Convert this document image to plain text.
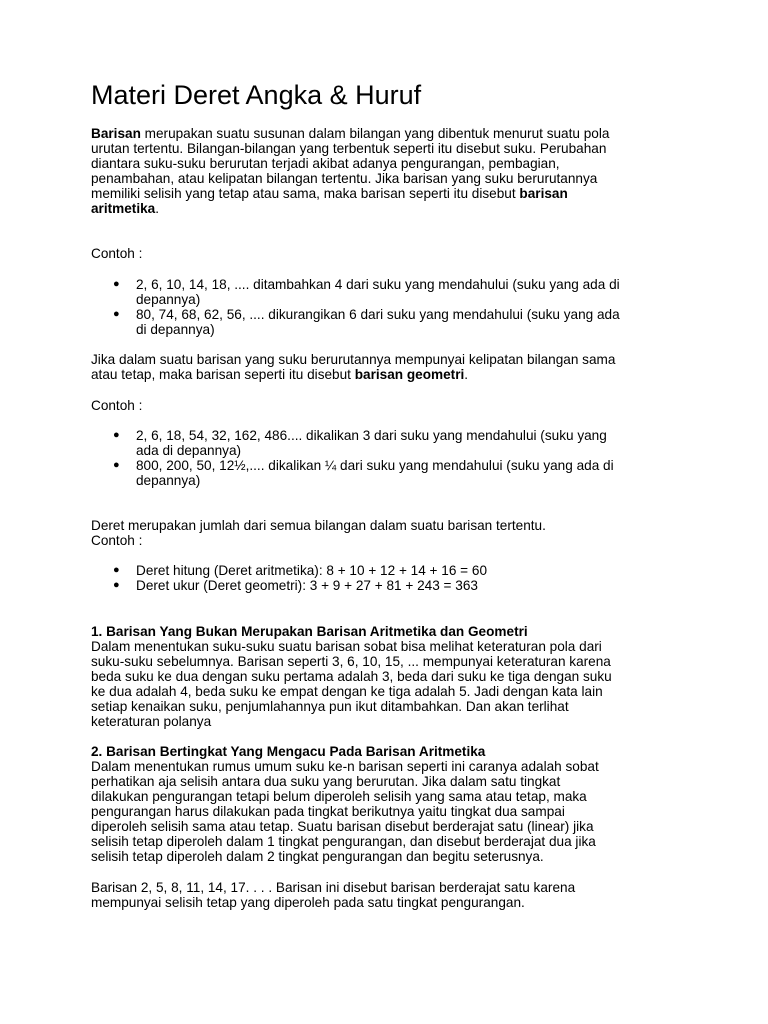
Materi Deret Angka & Huruf

Barisan merupakan suatu susunan dalam bilangan yang dibentuk menurut suatu pola

urutan tertentu. Bilangan-bilangan yang terbentuk seperti itu disebut suku. Perubahan

diantara suku-suku berurutan terjadi akibat adanya pengurangan, pembagian,

penambahan, atau kelipatan bilangan tertentu. Jika barisan yang suku berurutannya

memiliki selisih yang tetap atau sama, maka barisan seperti itu disebut barisan

aritmetika.

Contoh :

● 2, 6, 10, 14, 18, .... ditambahkan 4 dari suku yang mendahului (suku yang ada di
depannya)
● 80, 74, 68, 62, 56, .... dikurangikan 6 dari suku yang mendahului (suku yang ada
di depannya)

Jika dalam suatu barisan yang suku berurutannya mempunyai kelipatan bilangan sama

atau tetap, maka barisan seperti itu disebut barisan geometri.

Contoh :

● 2, 6, 18, 54, 32, 162, 486.... dikalikan 3 dari suku yang mendahului (suku yang
ada di depannya)
● 800, 200, 50, 12½,.... dikalikan ¼ dari suku yang mendahului (suku yang ada di
depannya)

Deret merupakan jumlah dari semua bilangan dalam suatu barisan tertentu.

Contoh :

● Deret hitung (Deret aritmetika): 8 + 10 + 12 + 14 + 16 = 60
● Deret ukur (Deret geometri): 3 + 9 + 27 + 81 + 243 = 363

1. Barisan Yang Bukan Merupakan Barisan Aritmetika dan Geometri

Dalam menentukan suku-suku suatu barisan sobat bisa melihat keteraturan pola dari

suku-suku sebelumnya. Barisan seperti 3, 6, 10, 15, ... mempunyai keteraturan karena

beda suku ke dua dengan suku pertama adalah 3, beda dari suku ke tiga dengan suku

ke dua adalah 4, beda suku ke empat dengan ke tiga adalah 5. Jadi dengan kata lain

setiap kenaikan suku, penjumlahannya pun ikut ditambahkan. Dan akan terlihat

keteraturan polanya

2. Barisan Bertingkat Yang Mengacu Pada Barisan Aritmetika

Dalam menentukan rumus umum suku ke-n barisan seperti ini caranya adalah sobat

perhatikan aja selisih antara dua suku yang berurutan. Jika dalam satu tingkat

dilakukan pengurangan tetapi belum diperoleh selisih yang sama atau tetap, maka

pengurangan harus dilakukan pada tingkat berikutnya yaitu tingkat dua sampai

diperoleh selisih sama atau tetap. Suatu barisan disebut berderajat satu (linear) jika

selisih tetap diperoleh dalam 1 tingkat pengurangan, dan disebut berderajat dua jika

selisih tetap diperoleh dalam 2 tingkat pengurangan dan begitu seterusnya.

Barisan 2, 5, 8, 11, 14, 17. . . . Barisan ini disebut barisan berderajat satu karena

mempunyai selisih tetap yang diperoleh pada satu tingkat pengurangan.
